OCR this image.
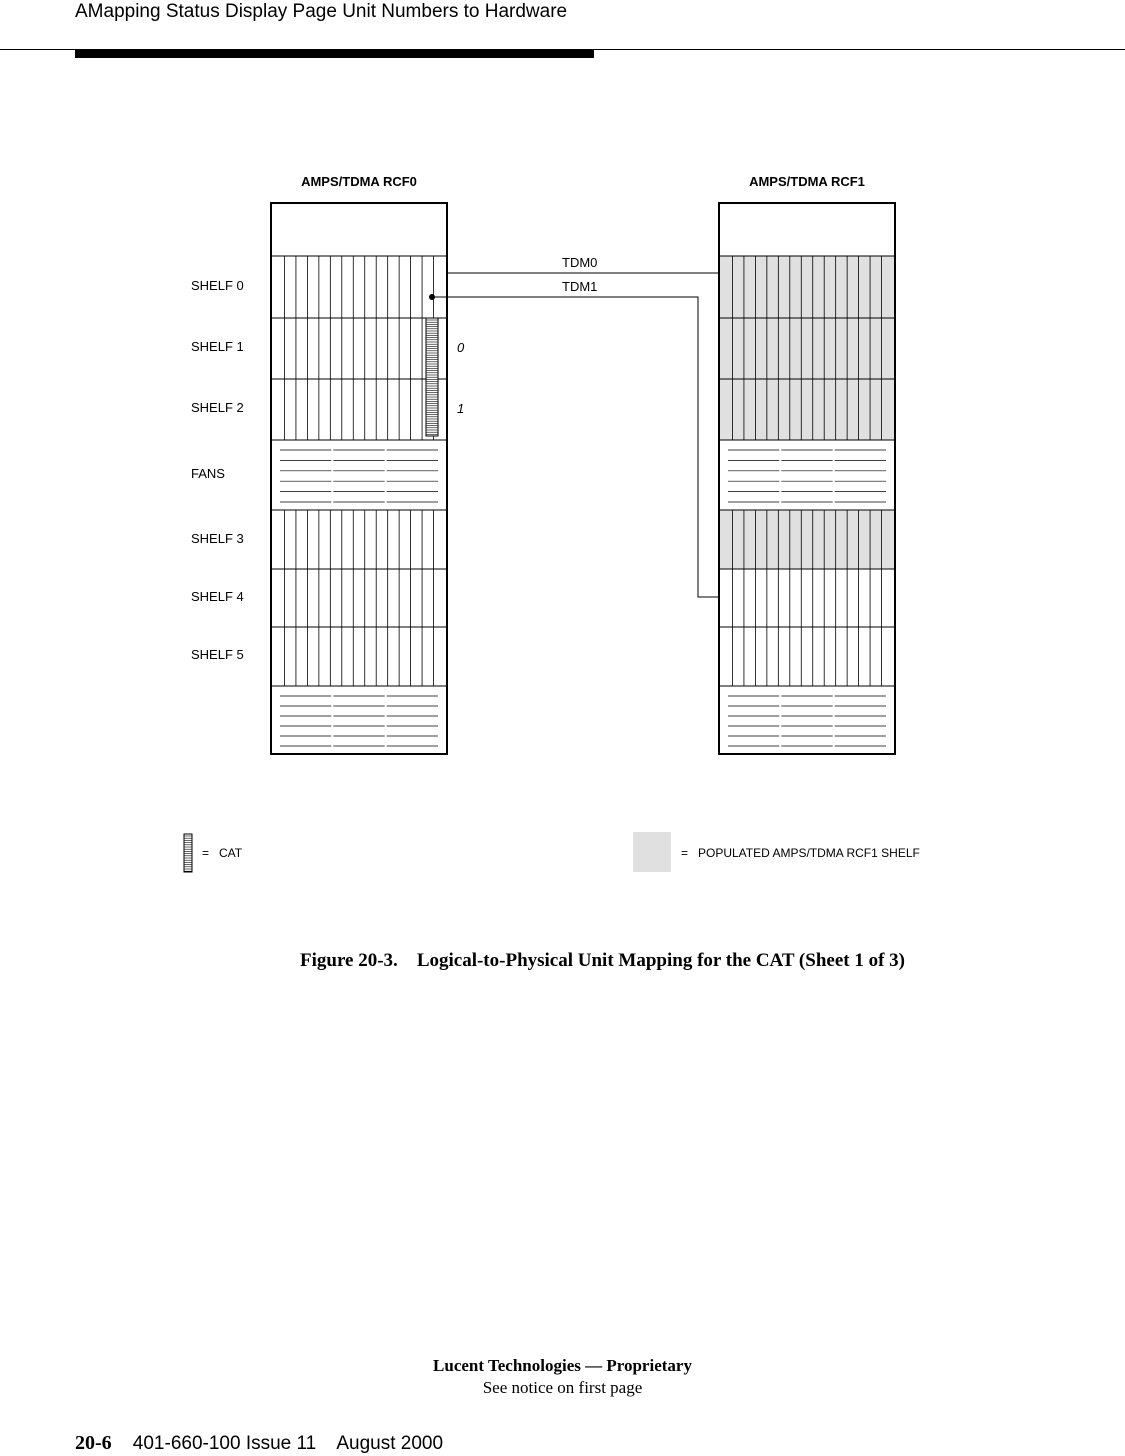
AMapping Status Display Page Unit Numbers to Hardware
AMPS/TDMA RCF0	AMPS/TDMA RCF1
SHELF 0
SHELF 1
SHELF 2
FANS
SHELF 3
SHELF 4
SHELF 5
TDM0
TDM1
0
1
= CAT	= POPULATED AMPS/TDMA RCF1 SHELF
Figure 20-3. Logical-to-Physical Unit Mapping for the CAT (Sheet 1 of 3)
Lucent Technologies — Proprietary
See notice on first page
20-6 401-660-100 Issue 11 August 2000
